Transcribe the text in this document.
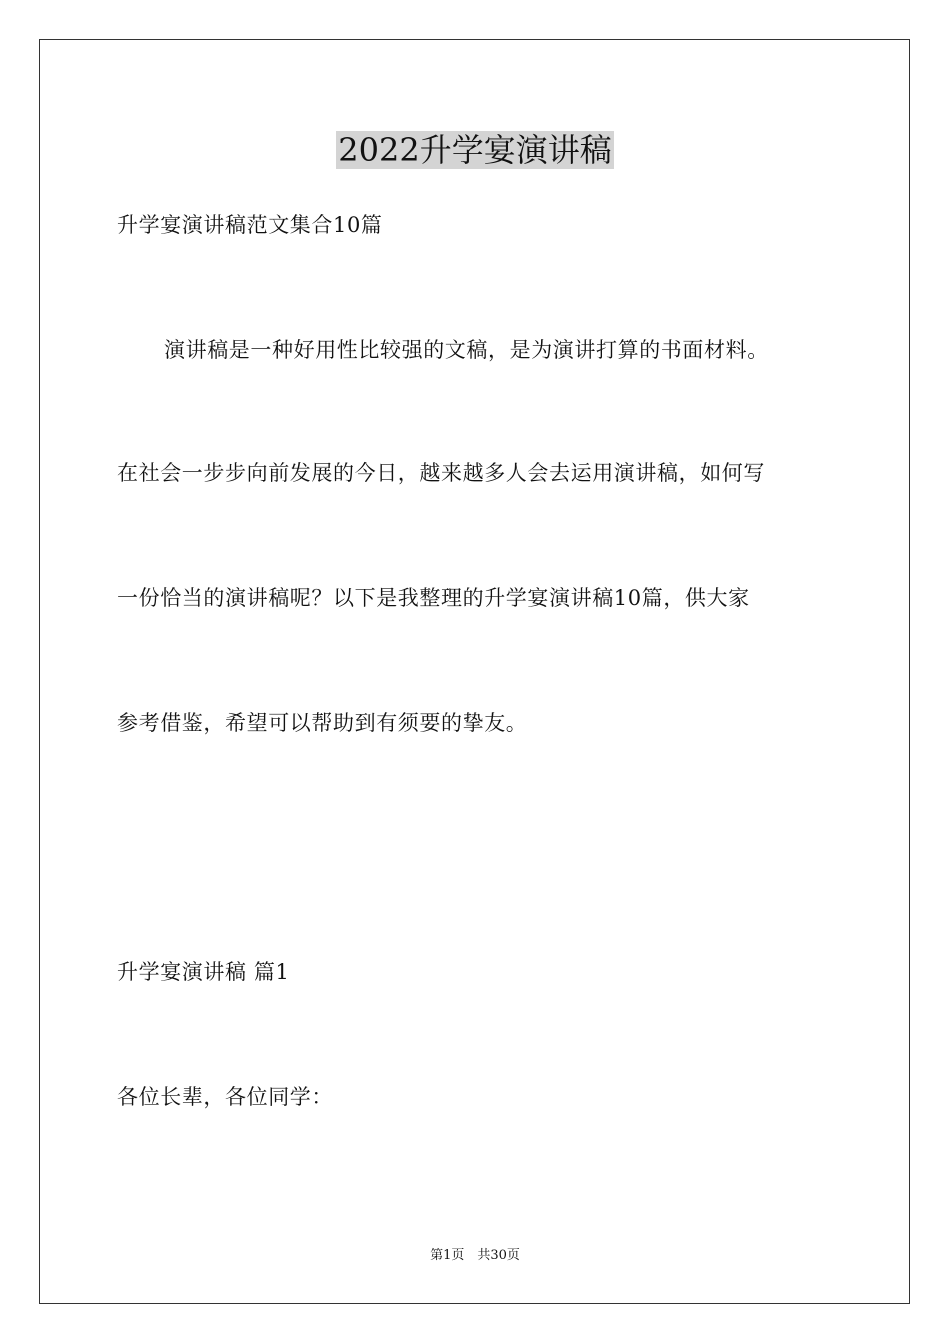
2022升学宴演讲稿
升学宴演讲稿范文集合10篇
演讲稿是一种好用性比较强的文稿，是为演讲打算的书面材料。
在社会一步步向前发展的今日，越来越多人会去运用演讲稿，如何写
一份恰当的演讲稿呢？以下是我整理的升学宴演讲稿10篇，供大家
参考借鉴，希望可以帮助到有须要的挚友。
升学宴演讲稿 篇1
各位长辈，各位同学：
第1页　共30页
